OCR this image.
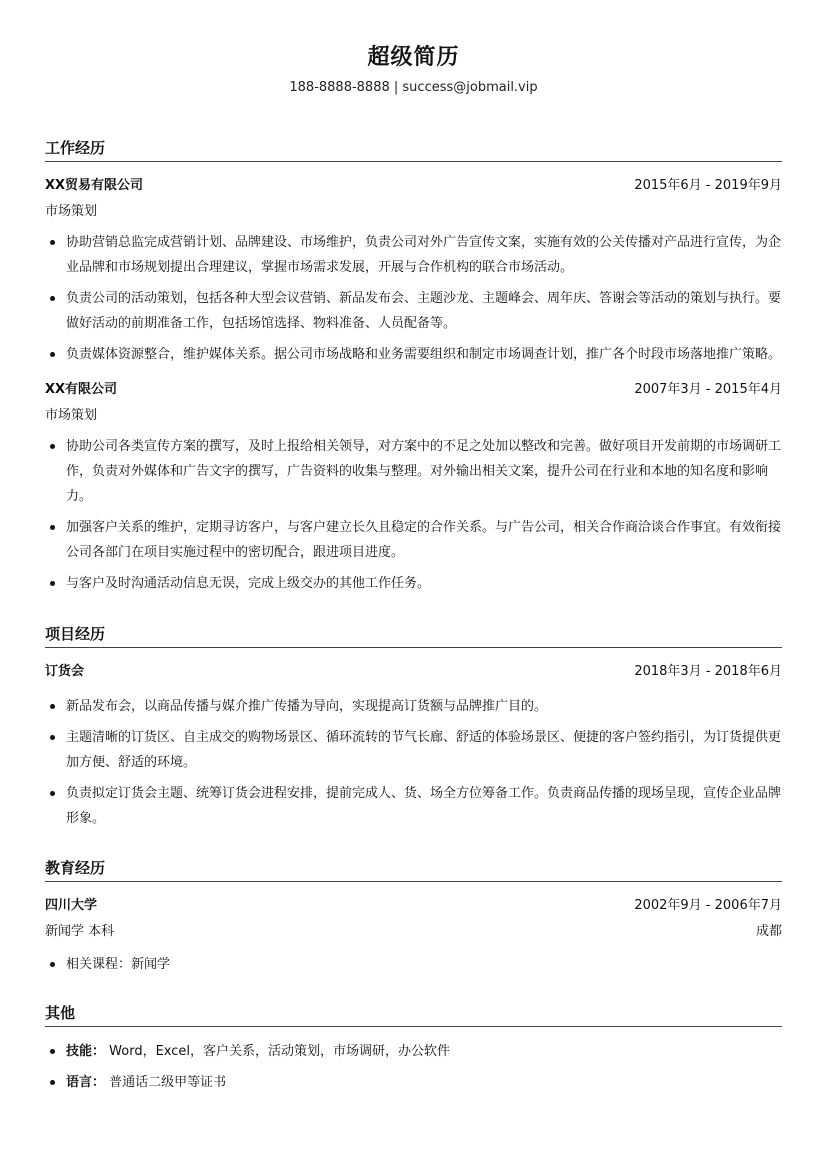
超级简历
188-8888-8888 | success@jobmail.vip
工作经历
XX贸易有限公司	2015年6月 - 2019年9月
市场策划
协助营销总监完成营销计划、品牌建设、市场维护，负责公司对外广告宣传文案，实施有效的公关传播对产品进行宣传，为企业品牌和市场规划提出合理建议，掌握市场需求发展，开展与合作机构的联合市场活动。
负责公司的活动策划，包括各种大型会议营销、新品发布会、主题沙龙、主题峰会、周年庆、答谢会等活动的策划与执行。要做好活动的前期准备工作，包括场馆选择、物料准备、人员配备等。
负责媒体资源整合，维护媒体关系。据公司市场战略和业务需要组织和制定市场调查计划，推广各个时段市场落地推广策略。
XX有限公司	2007年3月 - 2015年4月
市场策划
协助公司各类宣传方案的撰写，及时上报给相关领导，对方案中的不足之处加以整改和完善。做好项目开发前期的市场调研工作，负责对外媒体和广告文字的撰写，广告资料的收集与整理。对外输出相关文案，提升公司在行业和本地的知名度和影响力。
加强客户关系的维护，定期寻访客户，与客户建立长久且稳定的合作关系。与广告公司，相关合作商洽谈合作事宜。有效衔接公司各部门在项目实施过程中的密切配合，跟进项目进度。
与客户及时沟通活动信息无误，完成上级交办的其他工作任务。
项目经历
订货会	2018年3月 - 2018年6月
新品发布会，以商品传播与媒介推广传播为导向，实现提高订货额与品牌推广目的。
主题清晰的订货区、自主成交的购物场景区、循环流转的节气长廊、舒适的体验场景区、便捷的客户签约指引，为订货提供更加方便、舒适的环境。
负责拟定订货会主题、统筹订货会进程安排，提前完成人、货、场全方位筹备工作。负责商品传播的现场呈现，宣传企业品牌形象。
教育经历
四川大学	2002年9月 - 2006年7月
新闻学 本科	成都
相关课程：新闻学
其他
技能： Word，Excel，客户关系，活动策划，市场调研，办公软件
语言： 普通话二级甲等证书
